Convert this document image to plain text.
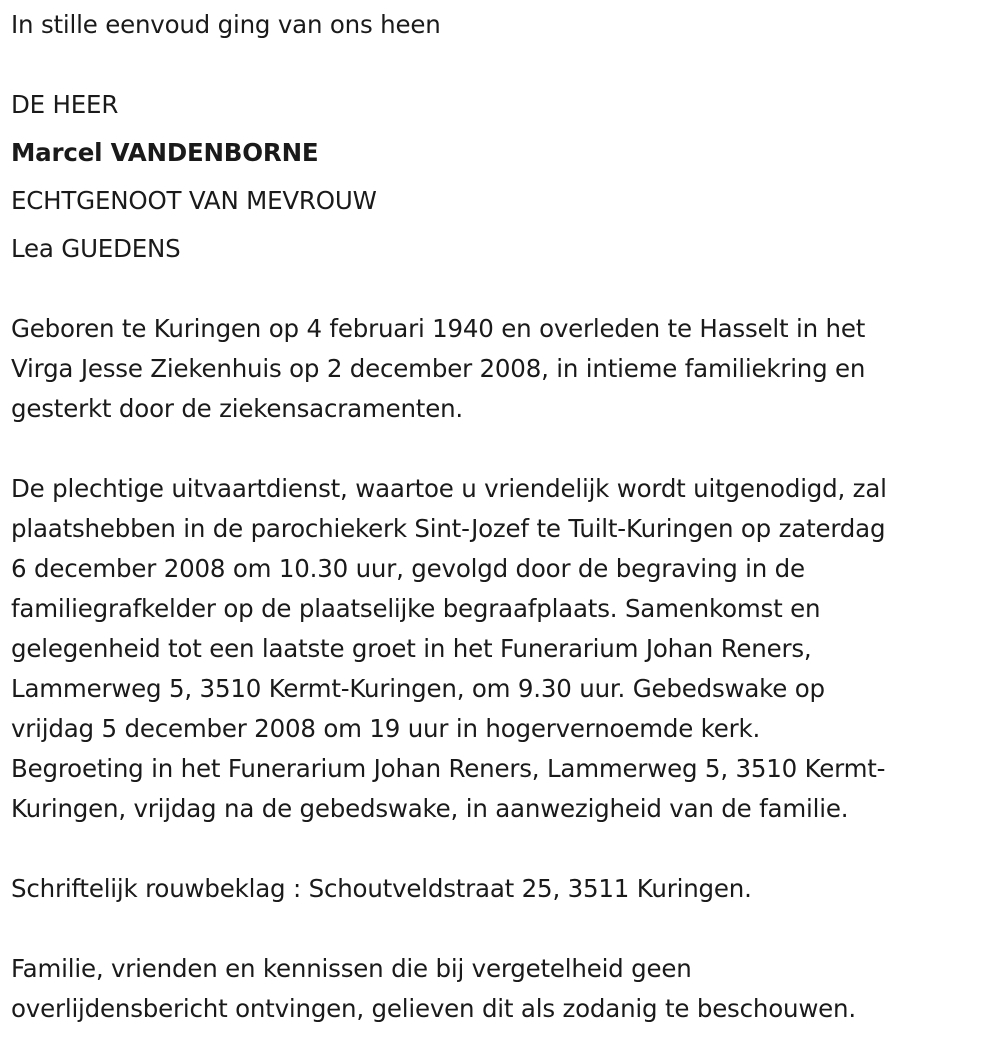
In stille eenvoud ging van ons heen
DE HEER
Marcel VANDENBORNE
ECHTGENOOT VAN MEVROUW
Lea GUEDENS
Geboren te Kuringen op 4 februari 1940 en overleden te Hasselt in het
Virga Jesse Ziekenhuis op 2 december 2008, in intieme familiekring en
gesterkt door de ziekensacramenten.
De plechtige uitvaartdienst, waartoe u vriendelijk wordt uitgenodigd, zal
plaatshebben in de parochiekerk Sint-Jozef te Tuilt-Kuringen op zaterdag
6 december 2008 om 10.30 uur, gevolgd door de begraving in de
familiegrafkelder op de plaatselijke begraafplaats. Samenkomst en
gelegenheid tot een laatste groet in het Funerarium Johan Reners,
Lammerweg 5, 3510 Kermt-Kuringen, om 9.30 uur. Gebedswake op
vrijdag 5 december 2008 om 19 uur in hogervernoemde kerk.
Begroeting in het Funerarium Johan Reners, Lammerweg 5, 3510 Kermt-
Kuringen, vrijdag na de gebedswake, in aanwezigheid van de familie.
Schriftelijk rouwbeklag : Schoutveldstraat 25, 3511 Kuringen.
Familie, vrienden en kennissen die bij vergetelheid geen
overlijdensbericht ontvingen, gelieven dit als zodanig te beschouwen.
